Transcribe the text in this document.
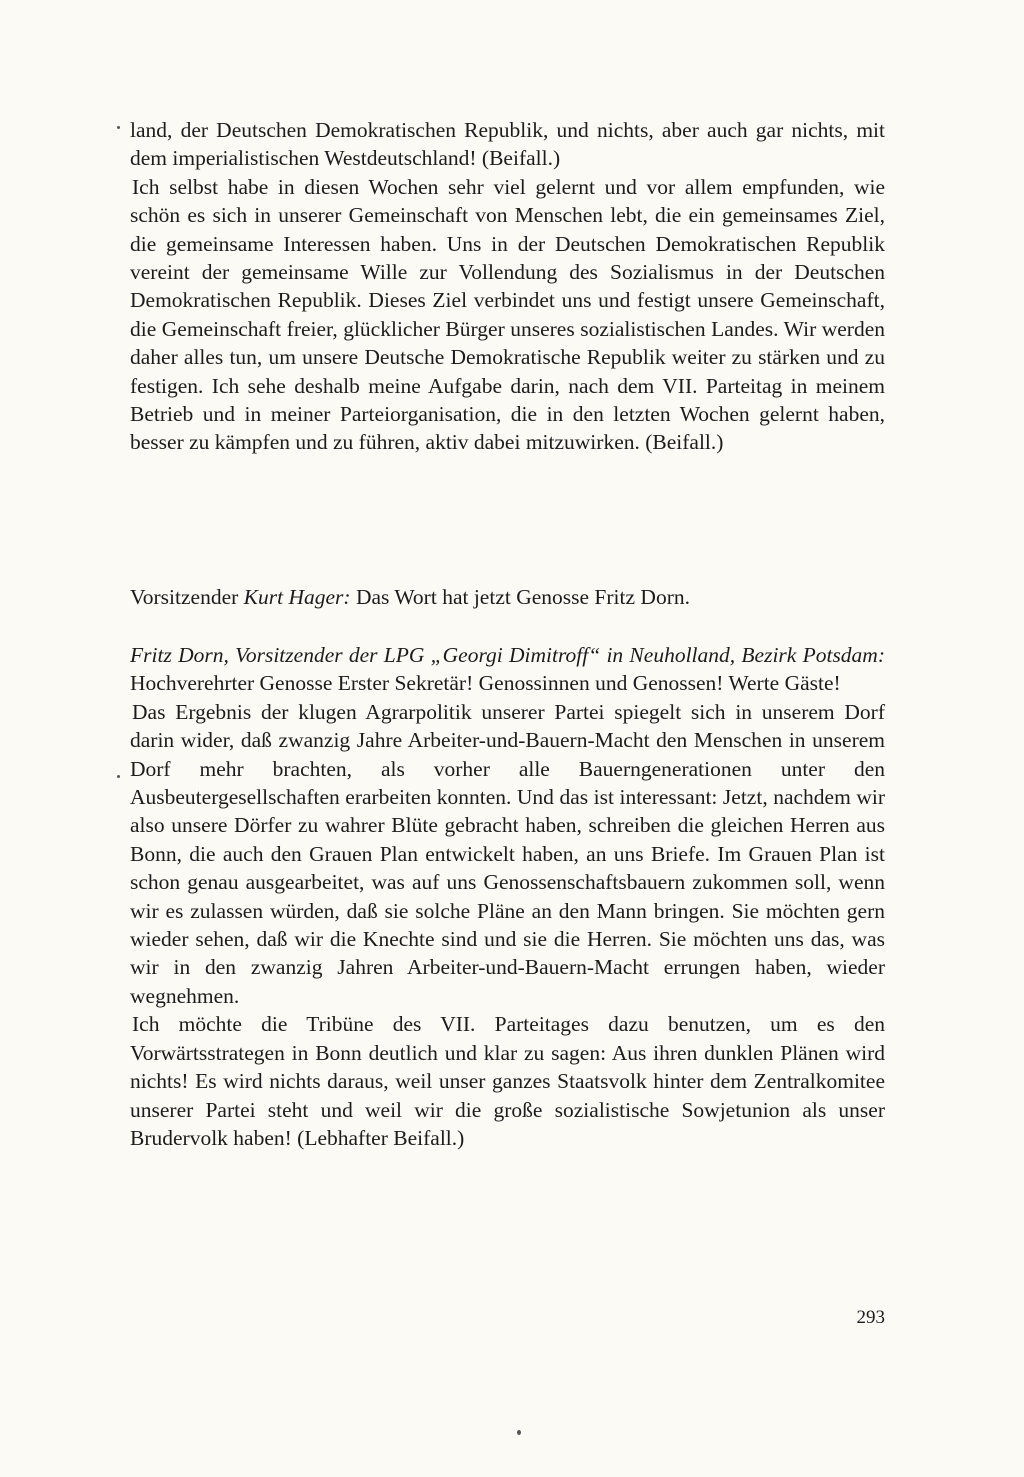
land, der Deutschen Demokratischen Republik, und nichts, aber auch gar nichts, mit dem imperialistischen Westdeutschland! (Beifall.)

Ich selbst habe in diesen Wochen sehr viel gelernt und vor allem empfunden, wie schön es sich in unserer Gemeinschaft von Menschen lebt, die ein gemeinsames Ziel, die gemeinsame Interessen haben. Uns in der Deutschen Demokratischen Republik vereint der gemeinsame Wille zur Vollendung des Sozialismus in der Deutschen Demokratischen Republik. Dieses Ziel verbindet uns und festigt unsere Gemeinschaft, die Gemeinschaft freier, glücklicher Bürger unseres sozialistischen Landes. Wir werden daher alles tun, um unsere Deutsche Demokratische Republik weiter zu stärken und zu festigen. Ich sehe deshalb meine Aufgabe darin, nach dem VII. Parteitag in meinem Betrieb und in meiner Parteiorganisation, die in den letzten Wochen gelernt haben, besser zu kämpfen und zu führen, aktiv dabei mitzuwirken. (Beifall.)

Vorsitzender Kurt Hager: Das Wort hat jetzt Genosse Fritz Dorn.

Fritz Dorn, Vorsitzender der LPG „Georgi Dimitroff“ in Neuholland, Bezirk Potsdam: Hochverehrter Genosse Erster Sekretär! Genossinnen und Genossen! Werte Gäste!

Das Ergebnis der klugen Agrarpolitik unserer Partei spiegelt sich in unserem Dorf darin wider, daß zwanzig Jahre Arbeiter-und-Bauern-Macht den Menschen in unserem Dorf mehr brachten, als vorher alle Bauerngenerationen unter den Ausbeutergesellschaften erarbeiten konnten. Und das ist interessant: Jetzt, nachdem wir also unsere Dörfer zu wahrer Blüte gebracht haben, schreiben die gleichen Herren aus Bonn, die auch den Grauen Plan entwickelt haben, an uns Briefe. Im Grauen Plan ist schon genau ausgearbeitet, was auf uns Genossenschaftsbauern zukommen soll, wenn wir es zulassen würden, daß sie solche Pläne an den Mann bringen. Sie möchten gern wieder sehen, daß wir die Knechte sind und sie die Herren. Sie möchten uns das, was wir in den zwanzig Jahren Arbeiter-und-Bauern-Macht errungen haben, wieder wegnehmen.

Ich möchte die Tribüne des VII. Parteitages dazu benutzen, um es den Vorwärtsstrategen in Bonn deutlich und klar zu sagen: Aus ihren dunklen Plänen wird nichts! Es wird nichts daraus, weil unser ganzes Staatsvolk hinter dem Zentralkomitee unserer Partei steht und weil wir die große sozialistische Sowjetunion als unser Brudervolk haben! (Lebhafter Beifall.)

293
